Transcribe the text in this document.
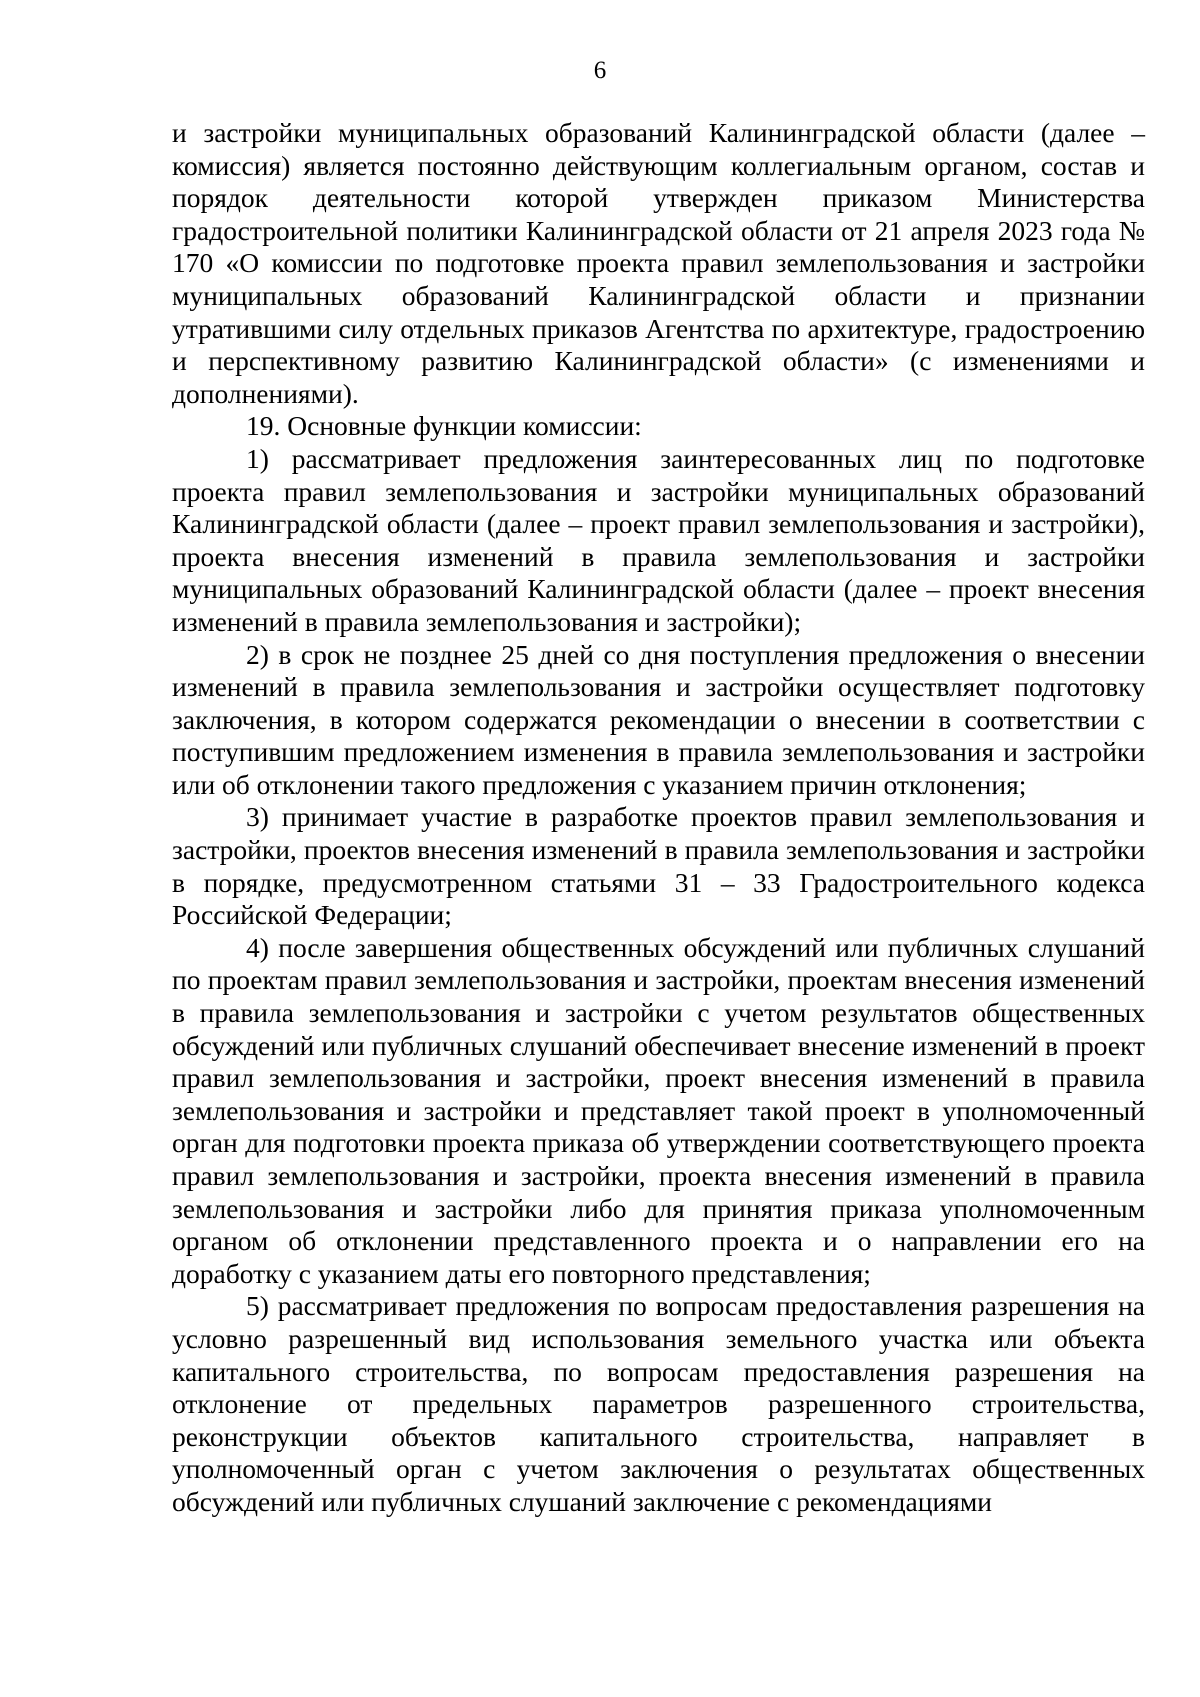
6

и застройки муниципальных образований Калининградской области (далее – комиссия) является постоянно действующим коллегиальным органом, состав и порядок деятельности которой утвержден приказом Министерства градостроительной политики Калининградской области от 21 апреля 2023 года № 170 «О комиссии по подготовке проекта правил землепользования и застройки муниципальных образований Калининградской области и признании утратившими силу отдельных приказов Агентства по архитектуре, градостроению и перспективному развитию Калининградской области» (с изменениями и дополнениями).

19. Основные функции комиссии:

1) рассматривает предложения заинтересованных лиц по подготовке проекта правил землепользования и застройки муниципальных образований Калининградской области (далее – проект правил землепользования и застройки), проекта внесения изменений в правила землепользования и застройки муниципальных образований Калининградской области (далее – проект внесения изменений в правила землепользования и застройки);

2) в срок не позднее 25 дней со дня поступления предложения о внесении изменений в правила землепользования и застройки осуществляет подготовку заключения, в котором содержатся рекомендации о внесении в соответствии с поступившим предложением изменения в правила землепользования и застройки или об отклонении такого предложения с указанием причин отклонения;

3) принимает участие в разработке проектов правил землепользования и застройки, проектов внесения изменений в правила землепользования и застройки в порядке, предусмотренном статьями 31 – 33 Градостроительного кодекса Российской Федерации;

4) после завершения общественных обсуждений или публичных слушаний по проектам правил землепользования и застройки, проектам внесения изменений в правила землепользования и застройки с учетом результатов общественных обсуждений или публичных слушаний обеспечивает внесение изменений в проект правил землепользования и застройки, проект внесения изменений в правила землепользования и застройки и представляет такой проект в уполномоченный орган для подготовки проекта приказа об утверждении соответствующего проекта правил землепользования и застройки, проекта внесения изменений в правила землепользования и застройки либо для принятия приказа уполномоченным органом об отклонении представленного проекта и о направлении его на доработку с указанием даты его повторного представления;

5) рассматривает предложения по вопросам предоставления разрешения на условно разрешенный вид использования земельного участка или объекта капитального строительства, по вопросам предоставления разрешения на отклонение от предельных параметров разрешенного строительства, реконструкции объектов капитального строительства, направляет в уполномоченный орган с учетом заключения о результатах общественных обсуждений или публичных слушаний заключение с рекомендациями
